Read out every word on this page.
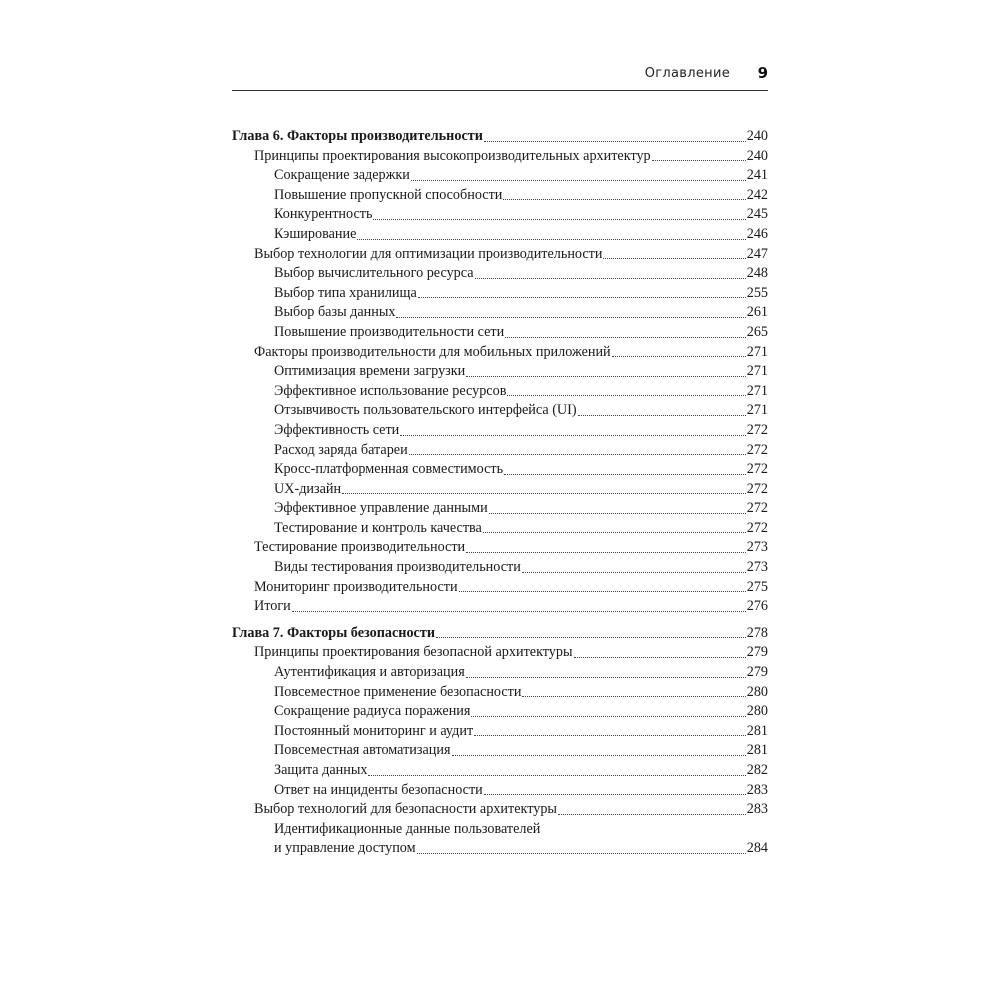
Оглавление 9
Глава 6. Факторы производительности	240
Принципы проектирования высокопроизводительных архитектур	240
Сокращение задержки	241
Повышение пропускной способности	242
Конкурентность	245
Кэширование	246
Выбор технологии для оптимизации производительности	247
Выбор вычислительного ресурса	248
Выбор типа хранилища	255
Выбор базы данных	261
Повышение производительности сети	265
Факторы производительности для мобильных приложений	271
Оптимизация времени загрузки	271
Эффективное использование ресурсов	271
Отзывчивость пользовательского интерфейса (UI)	271
Эффективность сети	272
Расход заряда батареи	272
Кросс-платформенная совместимость	272
UX-дизайн	272
Эффективное управление данными	272
Тестирование и контроль качества	272
Тестирование производительности	273
Виды тестирования производительности	273
Мониторинг производительности	275
Итоги	276
Глава 7. Факторы безопасности	278
Принципы проектирования безопасной архитектуры	279
Аутентификация и авторизация	279
Повсеместное применение безопасности	280
Сокращение радиуса поражения	280
Постоянный мониторинг и аудит	281
Повсеместная автоматизация	281
Защита данных	282
Ответ на инциденты безопасности	283
Выбор технологий для безопасности архитектуры	283
Идентификационные данные пользователей
и управление доступом	284
